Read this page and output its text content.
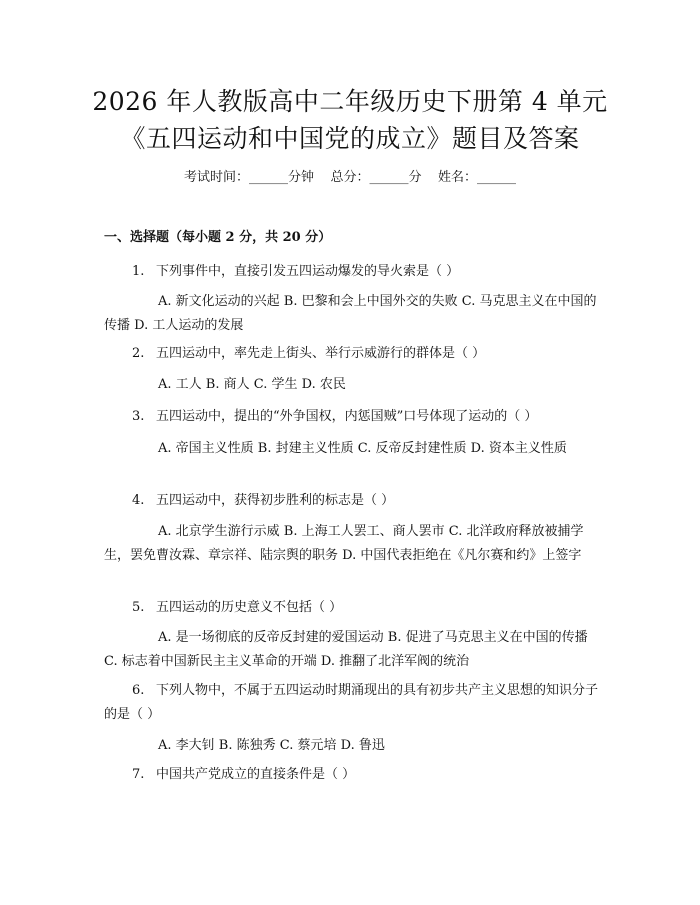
2026 年人教版高中二年级历史下册第 4 单元
《五四运动和中国党的成立》题目及答案
考试时间：______分钟    总分：______分    姓名：______
一、选择题（每小题 2 分，共 20 分）
1. 下列事件中，直接引发五四运动爆发的导火索是（ ）
A. 新文化运动的兴起 B. 巴黎和会上中国外交的失败 C. 马克思主义在中国的传播 D. 工人运动的发展
2. 五四运动中，率先走上街头、举行示威游行的群体是（ ）
A. 工人 B. 商人 C. 学生 D. 农民
3. 五四运动中，提出的“外争国权，内惩国贼”口号体现了运动的（ ）
A. 帝国主义性质 B. 封建主义性质 C. 反帝反封建性质 D. 资本主义性质
4. 五四运动中，获得初步胜利的标志是（ ）
A. 北京学生游行示威 B. 上海工人罢工、商人罢市 C. 北洋政府释放被捕学生，罢免曹汝霖、章宗祥、陆宗舆的职务 D. 中国代表拒绝在《凡尔赛和约》上签字
5. 五四运动的历史意义不包括（ ）
A. 是一场彻底的反帝反封建的爱国运动 B. 促进了马克思主义在中国的传播 C. 标志着中国新民主主义革命的开端 D. 推翻了北洋军阀的统治
6. 下列人物中，不属于五四运动时期涌现出的具有初步共产主义思想的知识分子的是（ ）
A. 李大钊 B. 陈独秀 C. 蔡元培 D. 鲁迅
7. 中国共产党成立的直接条件是（ ）
